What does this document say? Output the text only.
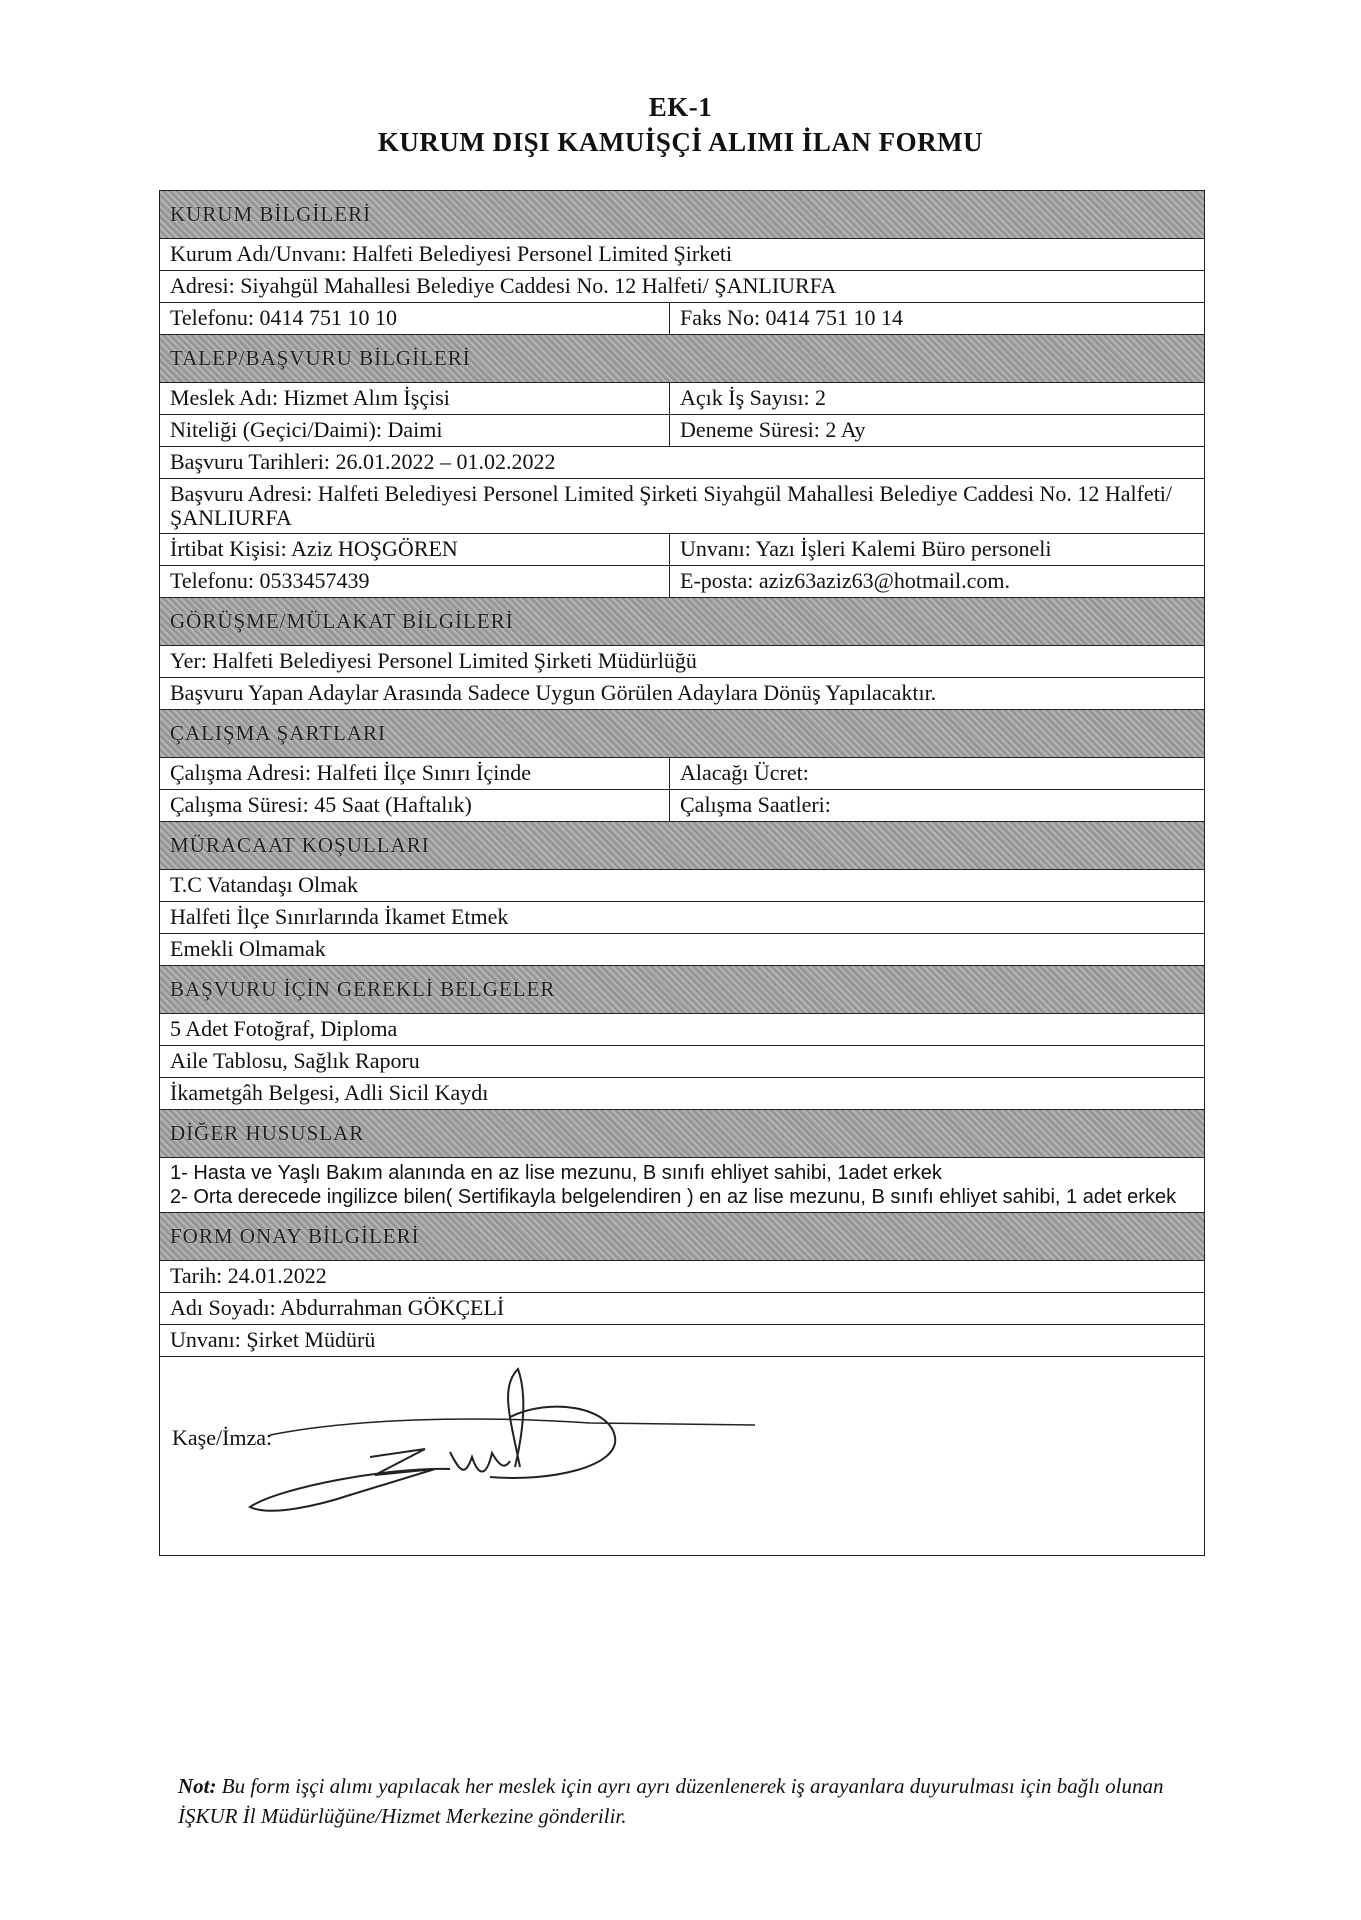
EK-1
KURUM DIŞI KAMUİŞÇİ ALIMI İLAN FORMU
KURUM BİLGİLERİ
Kurum Adı/Unvanı: Halfeti Belediyesi Personel Limited Şirketi
Adresi: Siyahgül Mahallesi Belediye Caddesi No. 12 Halfeti/ ŞANLIURFA
Telefonu: 0414 751 10 10	Faks No: 0414 751 10 14
TALEP/BAŞVURU BİLGİLERİ
Meslek Adı: Hizmet Alım İşçisi	Açık İş Sayısı: 2
Niteliği (Geçici/Daimi): Daimi	Deneme Süresi: 2 Ay
Başvuru Tarihleri: 26.01.2022 – 01.02.2022
Başvuru Adresi: Halfeti Belediyesi Personel Limited Şirketi Siyahgül Mahallesi Belediye Caddesi No. 12 Halfeti/ ŞANLIURFA
İrtibat Kişisi: Aziz HOŞGÖREN	Unvanı: Yazı İşleri Kalemi Büro personeli
Telefonu: 0533457439	E-posta: aziz63aziz63@hotmail.com.
GÖRÜŞME/MÜLAKAT BİLGİLERİ
Yer: Halfeti Belediyesi Personel Limited Şirketi Müdürlüğü
Başvuru Yapan Adaylar Arasında Sadece Uygun Görülen Adaylara Dönüş Yapılacaktır.
ÇALIŞMA ŞARTLARI
Çalışma Adresi: Halfeti İlçe Sınırı İçinde	Alacağı Ücret:
Çalışma Süresi: 45 Saat (Haftalık)	Çalışma Saatleri:
MÜRACAAT KOŞULLARI
T.C Vatandaşı Olmak
Halfeti İlçe Sınırlarında İkamet Etmek
Emekli Olmamak
BAŞVURU İÇİN GEREKLİ BELGELER
5 Adet Fotoğraf, Diploma
Aile Tablosu, Sağlık Raporu
İkametgâh Belgesi, Adli Sicil Kaydı
DİĞER HUSUSLAR
1- Hasta ve Yaşlı Bakım alanında en az lise mezunu, B sınıfı ehliyet sahibi, 1adet erkek
2- Orta derecede ingilizce bilen( Sertifikayla belgelendiren ) en az lise mezunu, B sınıfı ehliyet sahibi, 1 adet erkek
FORM ONAY BİLGİLERİ
Tarih: 24.01.2022
Adı Soyadı: Abdurrahman GÖKÇELİ
Unvanı: Şirket Müdürü
Kaşe/İmza:
Not: Bu form işçi alımı yapılacak her meslek için ayrı ayrı düzenlenerek iş arayanlara duyurulması için bağlı olunan İŞKUR İl Müdürlüğüne/Hizmet Merkezine gönderilir.
